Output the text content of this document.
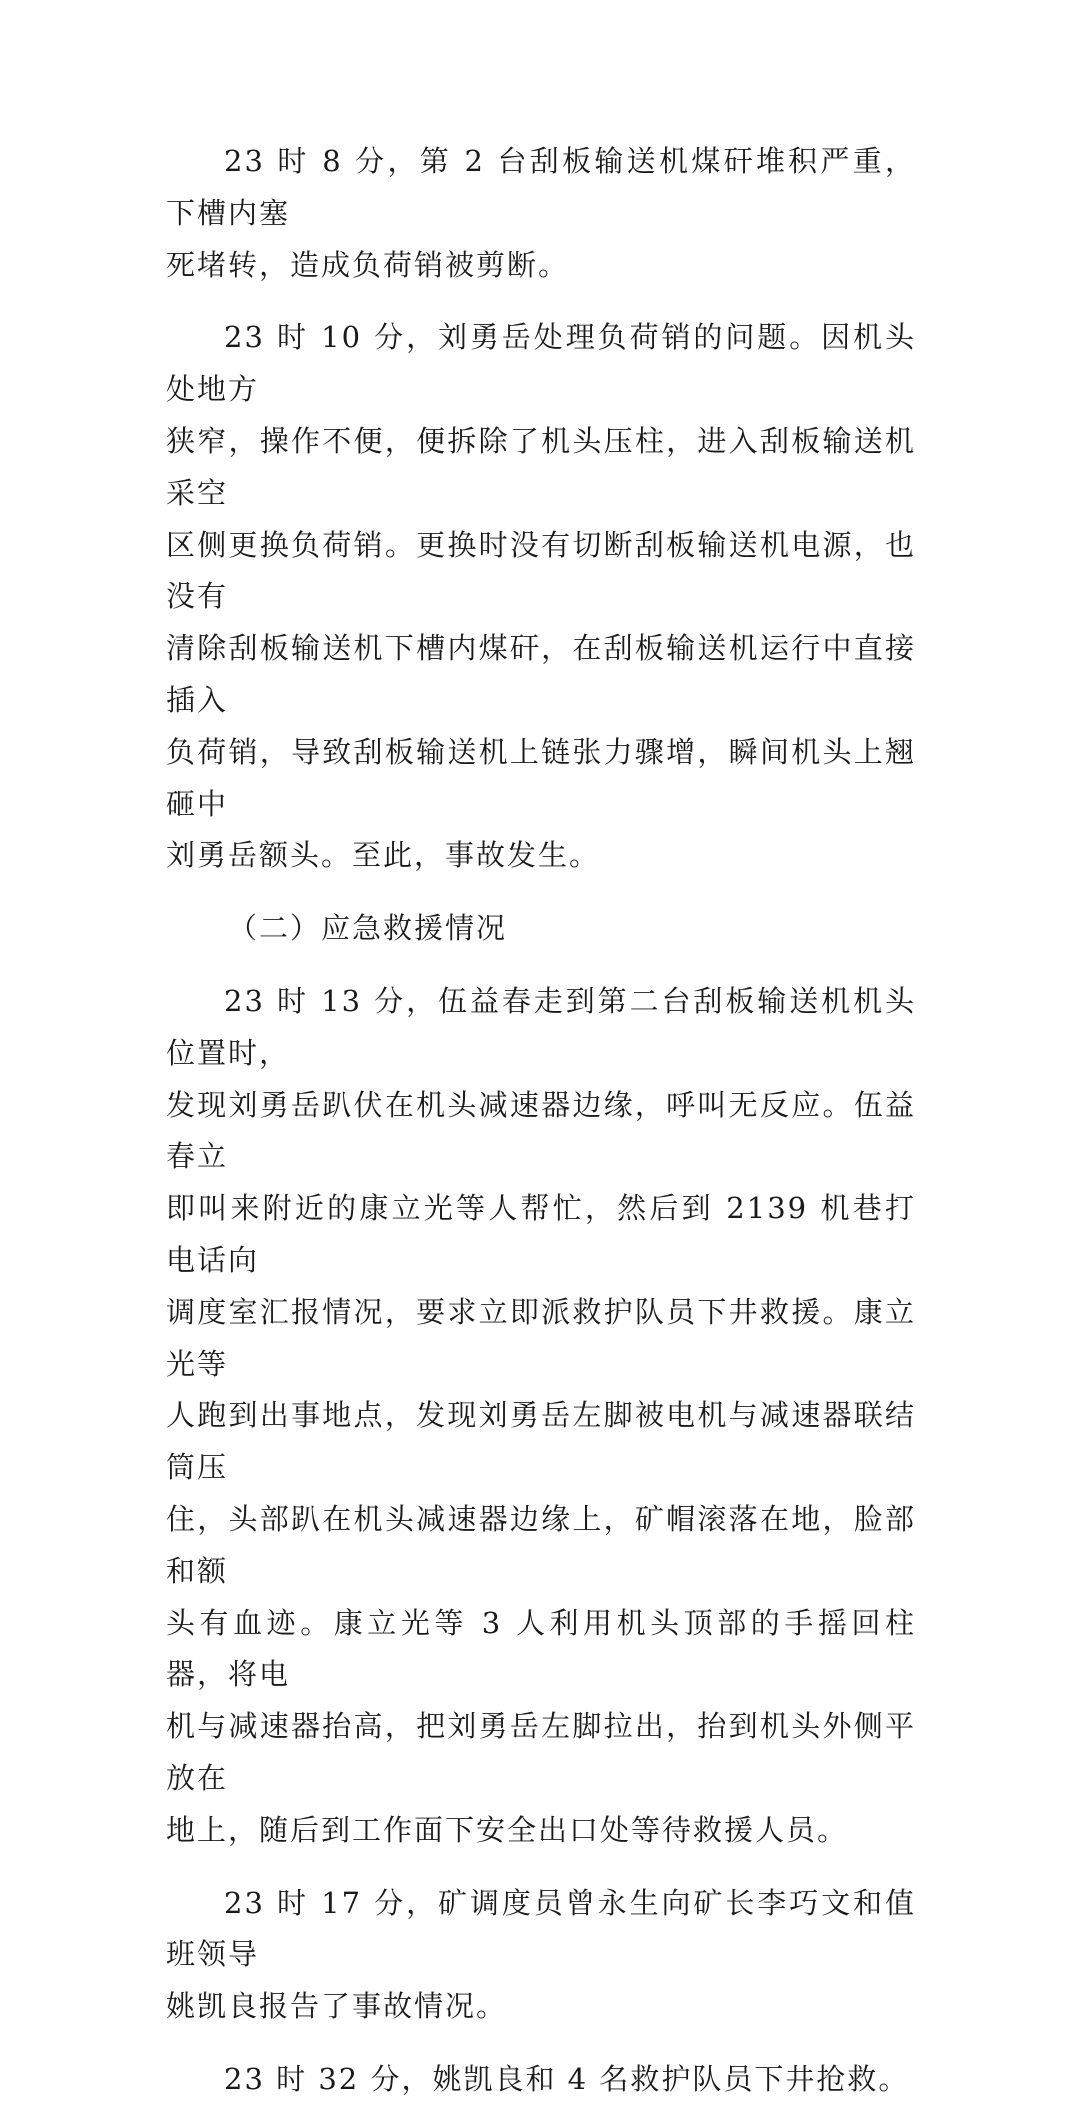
23 时 8 分，第 2 台刮板输送机煤矸堆积严重，下槽内塞
死堵转，造成负荷销被剪断。

23 时 10 分，刘勇岳处理负荷销的问题。因机头处地方
狭窄，操作不便，便拆除了机头压柱，进入刮板输送机采空
区侧更换负荷销。更换时没有切断刮板输送机电源，也没有
清除刮板输送机下槽内煤矸，在刮板输送机运行中直接插入
负荷销，导致刮板输送机上链张力骤增，瞬间机头上翘砸中
刘勇岳额头。至此，事故发生。

（二）应急救援情况

23 时 13 分，伍益春走到第二台刮板输送机机头位置时，
发现刘勇岳趴伏在机头减速器边缘，呼叫无反应。伍益春立
即叫来附近的康立光等人帮忙，然后到 2139 机巷打电话向
调度室汇报情况，要求立即派救护队员下井救援。康立光等
人跑到出事地点，发现刘勇岳左脚被电机与减速器联结筒压
住，头部趴在机头减速器边缘上，矿帽滚落在地，脸部和额
头有血迹。康立光等 3 人利用机头顶部的手摇回柱器，将电
机与减速器抬高，把刘勇岳左脚拉出，抬到机头外侧平放在
地上，随后到工作面下安全出口处等待救援人员。

23 时 17 分，矿调度员曾永生向矿长李巧文和值班领导
姚凯良报告了事故情况。

23 时 32 分，姚凯良和 4 名救护队员下井抢救。
